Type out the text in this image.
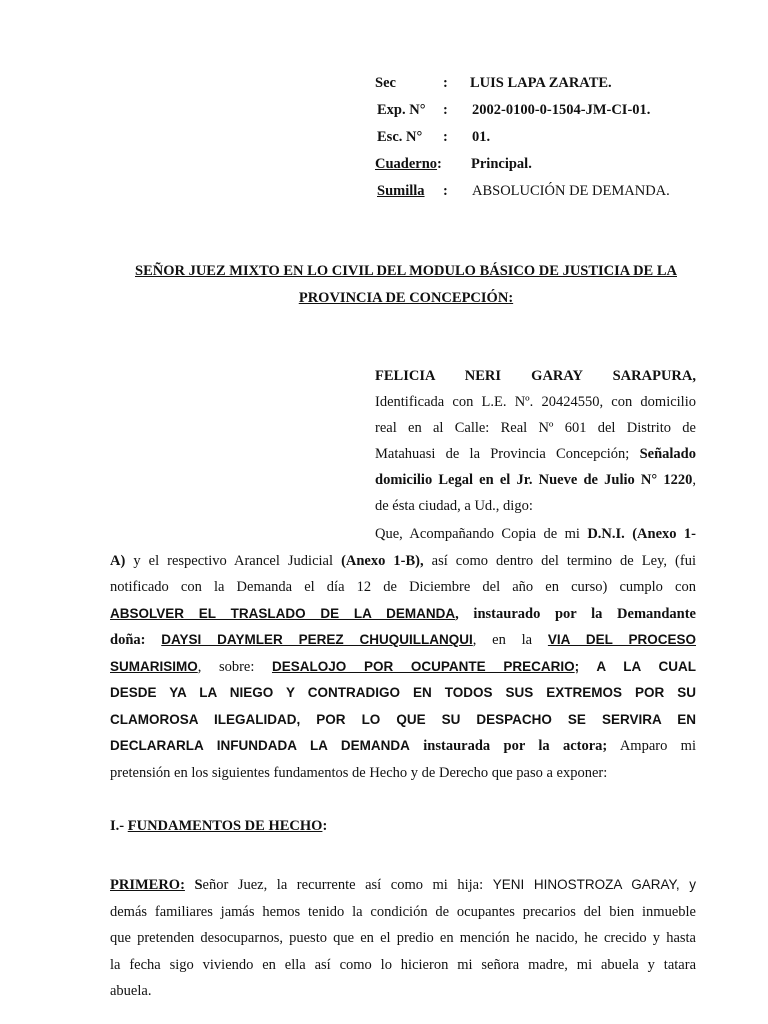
Sec	: LUIS LAPA ZARATE.
Exp. N° : 2002-0100-0-1504-JM-CI-01.
Esc. N° : 01.
Cuaderno: Principal.
Sumilla : ABSOLUCIÓN DE DEMANDA.
SEÑOR JUEZ MIXTO EN LO CIVIL DEL MODULO BÁSICO DE JUSTICIA DE LA
PROVINCIA DE CONCEPCIÓN:
FELICIA NERI GARAY SARAPURA,
Identificada con L.E. Nº. 20424550, con domicilio
real en al Calle: Real Nº 601 del Distrito de
Matahuasi de la Provincia Concepción; Señalado
domicilio Legal en el Jr. Nueve de Julio N° 1220,
de ésta ciudad, a Ud., digo:
Que, Acompañando Copia de mi D.N.I. (Anexo 1-
A) y el respectivo Arancel Judicial (Anexo 1-B), así como dentro del termino de Ley, (fui
notificado con la Demanda el día 12 de Diciembre del año en curso) cumplo con
ABSOLVER EL TRASLADO DE LA DEMANDA, instaurado por la Demandante
doña: DAYSI DAYMLER PEREZ CHUQUILLANQUI, en la VIA DEL PROCESO
SUMARISIMO, sobre: DESALOJO POR OCUPANTE PRECARIO; A LA CUAL
DESDE YA LA NIEGO Y CONTRADIGO EN TODOS SUS EXTREMOS POR SU
CLAMOROSA ILEGALIDAD, POR LO QUE SU DESPACHO SE SERVIRA EN
DECLARARLA INFUNDADA LA DEMANDA instaurada por la actora; Amparo mi
pretensión en los siguientes fundamentos de Hecho y de Derecho que paso a exponer:
I.- FUNDAMENTOS DE HECHO:
PRIMERO: Señor Juez, la recurrente así como mi hija: YENI HINOSTROZA GARAY, y
demás familiares jamás hemos tenido la condición de ocupantes precarios del bien inmueble
que pretenden desocuparnos, puesto que en el predio en mención he nacido, he crecido y hasta
la fecha sigo viviendo en ella así como lo hicieron mi señora madre, mi abuela y tatara
abuela.
